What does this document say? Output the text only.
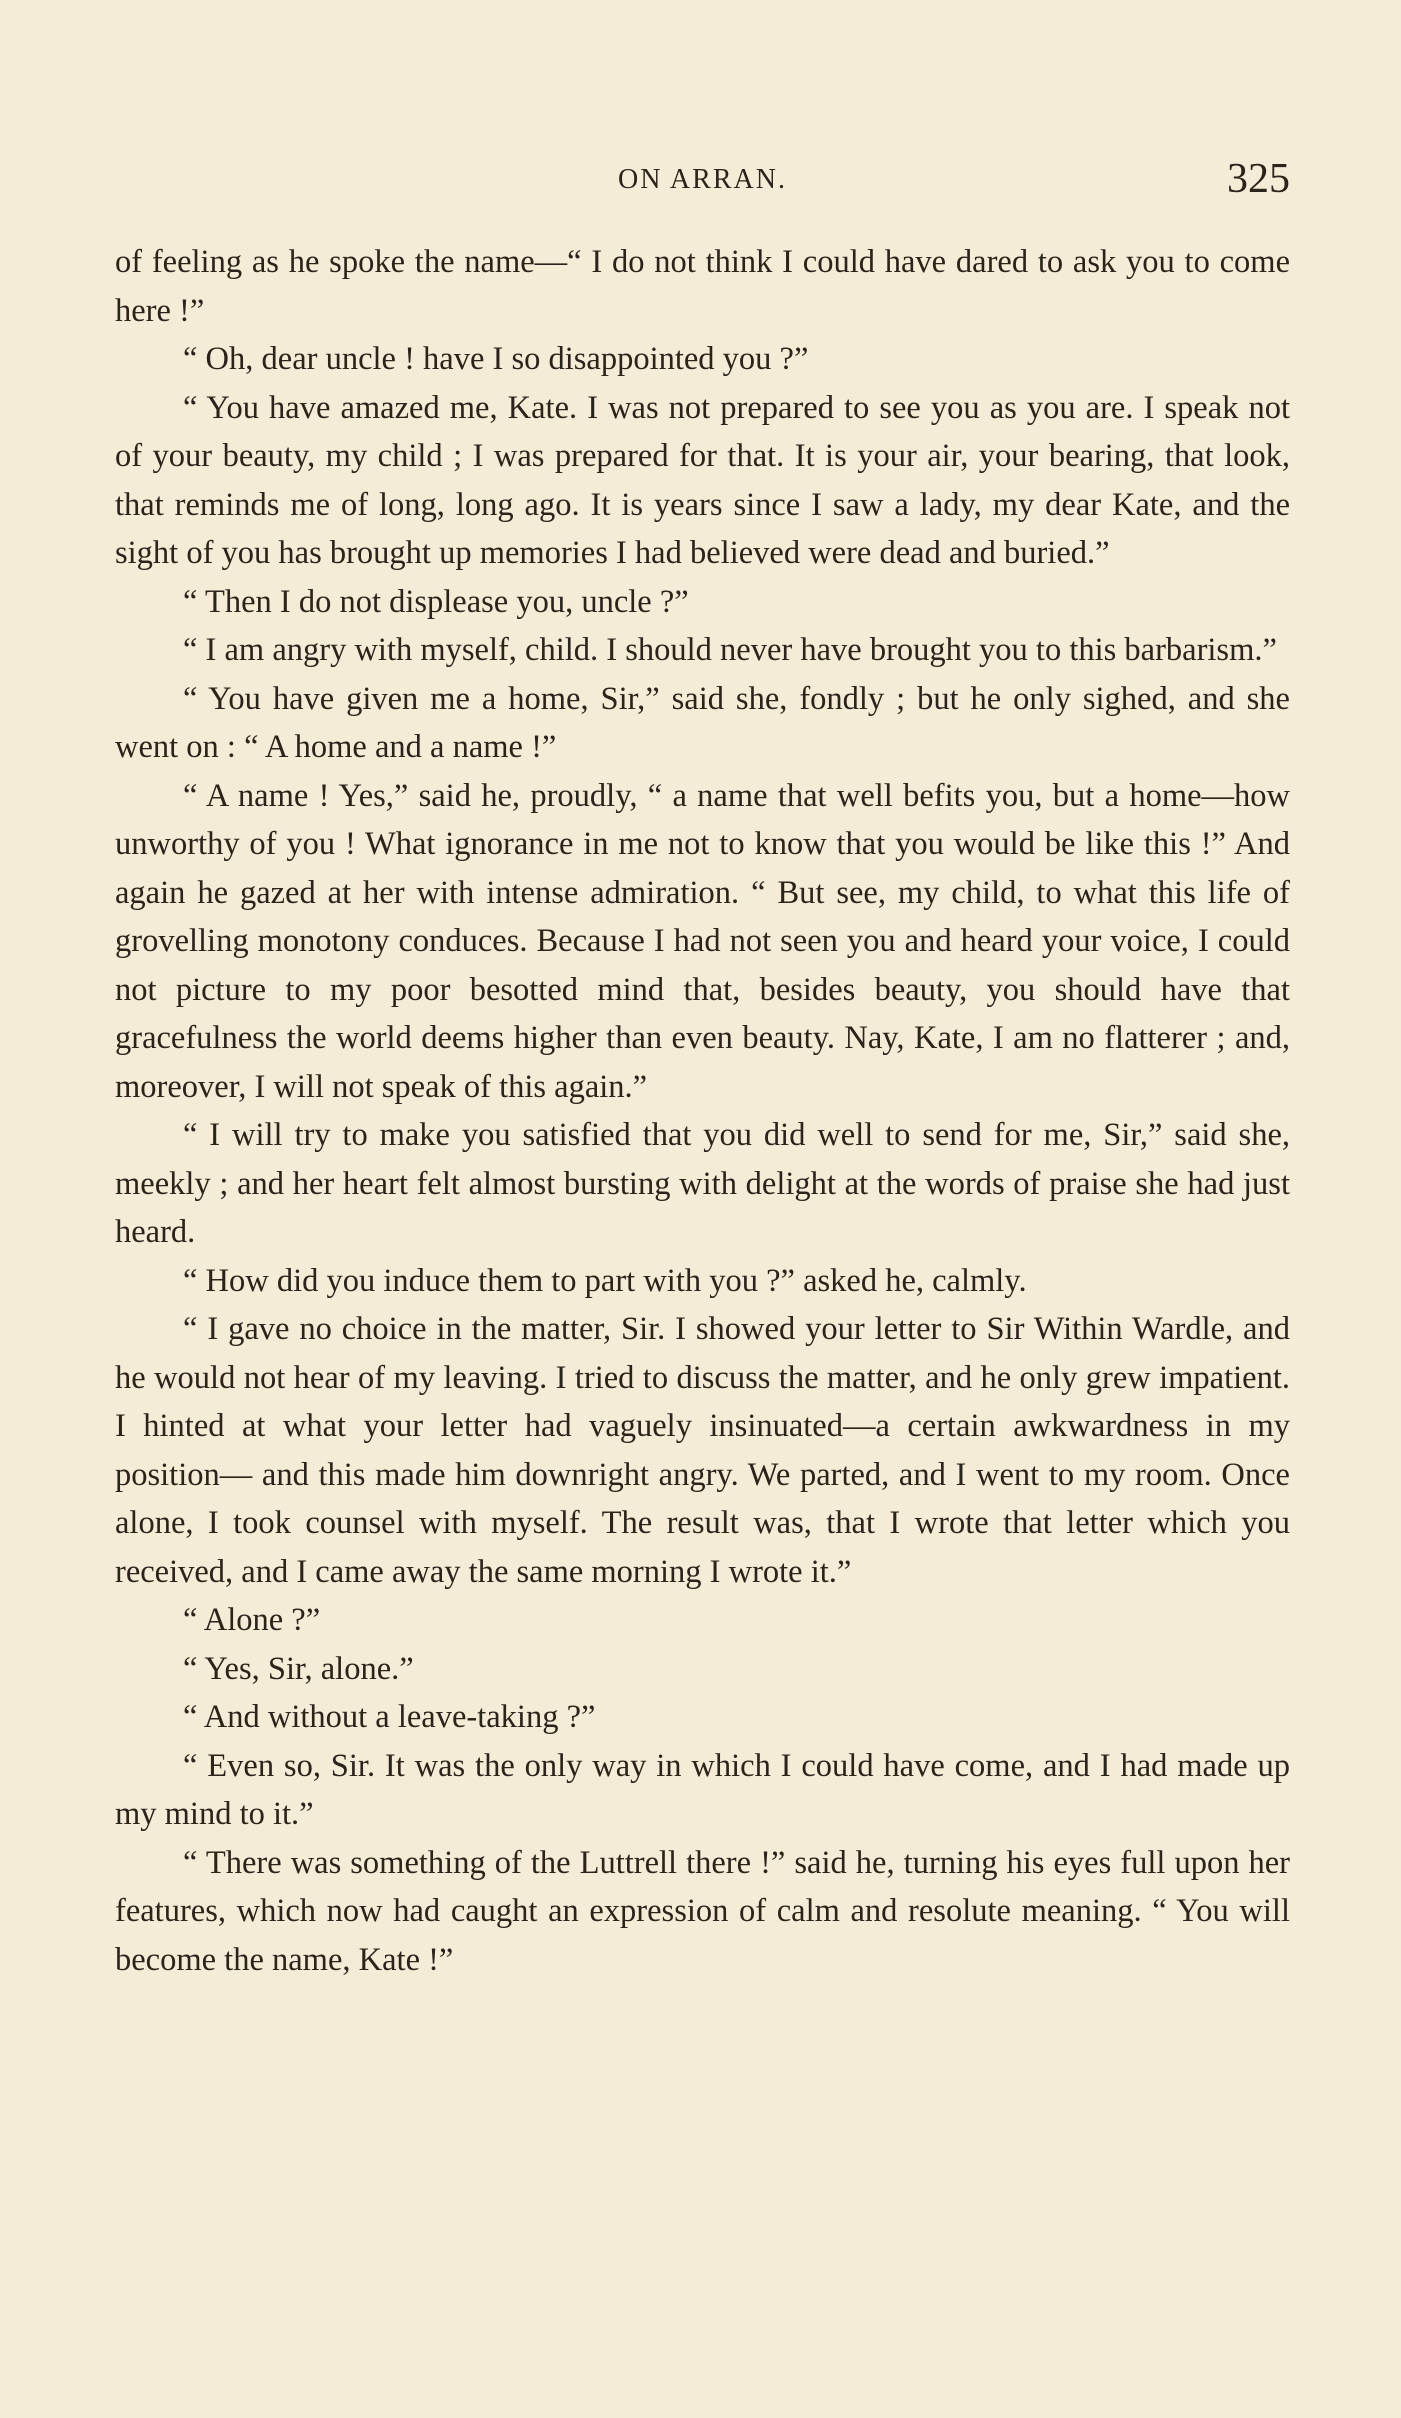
ON ARRAN.	325

of feeling as he spoke the name—“ I do not think I could have dared to ask you to come here !”

“ Oh, dear uncle ! have I so disappointed you ?”

“ You have amazed me, Kate. I was not prepared to see you as you are. I speak not of your beauty, my child ; I was prepared for that. It is your air, your bearing, that look, that reminds me of long, long ago. It is years since I saw a lady, my dear Kate, and the sight of you has brought up memories I had believed were dead and buried.”

“ Then I do not displease you, uncle ?”

“ I am angry with myself, child. I should never have brought you to this barbarism.”

“ You have given me a home, Sir,” said she, fondly ; but he only sighed, and she went on : “ A home and a name !”

“ A name ! Yes,” said he, proudly, “ a name that well befits you, but a home—how unworthy of you ! What ignorance in me not to know that you would be like this !” And again he gazed at her with intense admiration. “ But see, my child, to what this life of grovelling monotony conduces. Because I had not seen you and heard your voice, I could not picture to my poor besotted mind that, besides beauty, you should have that gracefulness the world deems higher than even beauty. Nay, Kate, I am no flatterer ; and, moreover, I will not speak of this again.”

“ I will try to make you satisfied that you did well to send for me, Sir,” said she, meekly ; and her heart felt almost bursting with delight at the words of praise she had just heard.

“ How did you induce them to part with you ?” asked he, calmly.

“ I gave no choice in the matter, Sir. I showed your letter to Sir Within Wardle, and he would not hear of my leaving. I tried to discuss the matter, and he only grew impatient. I hinted at what your letter had vaguely insinuated—a certain awkwardness in my position— and this made him downright angry. We parted, and I went to my room. Once alone, I took counsel with myself. The result was, that I wrote that letter which you received, and I came away the same morning I wrote it.”

“ Alone ?”

“ Yes, Sir, alone.”

“ And without a leave-taking ?”

“ Even so, Sir. It was the only way in which I could have come, and I had made up my mind to it.”

“ There was something of the Luttrell there !” said he, turning his eyes full upon her features, which now had caught an expression of calm and resolute meaning. “ You will become the name, Kate !”
